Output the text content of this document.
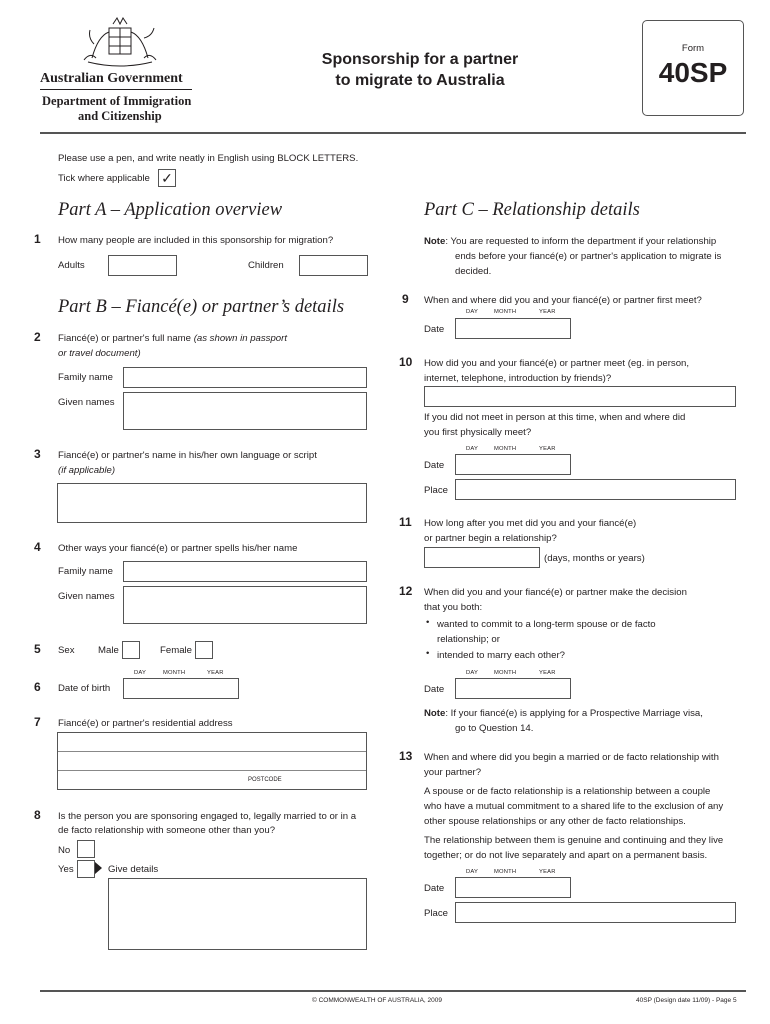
Australian Government
Department of Immigration
and Citizenship
Sponsorship for a partner
to migrate to Australia
Form
40SP
Please use a pen, and write neatly in English using BLOCK LETTERS.
Tick where applicable ✓
Part A – Application overview
1 How many people are included in this sponsorship for migration?
Adults	Children
Part B – Fiancé(e) or partner’s details
2 Fiancé(e) or partner's full name (as shown in passport
or travel document)
Family name
Given names
3 Fiancé(e) or partner's name in his/her own language or script
(if applicable)
4 Other ways your fiancé(e) or partner spells his/her name
Family name
Given names
5 Sex Male	Female
DAY	MONTH	YEAR
6 Date of birth
7 Fiancé(e) or partner's residential address
POSTCODE
8 Is the person you are sponsoring engaged to, legally married to or in a
de facto relationship with someone other than you?
No
Yes	Give details
Part C – Relationship details
Note: You are requested to inform the department if your relationship
ends before your fiancé(e) or partner's application to migrate is
decided.
9 When and where did you and your fiancé(e) or partner first meet?
DAY	MONTH	YEAR
Date
10 How did you and your fiancé(e) or partner meet (eg. in person,
internet, telephone, introduction by friends)?
If you did not meet in person at this time, when and where did
you first physically meet?
DAY	MONTH	YEAR
Date
Place
11 How long after you met did you and your fiancé(e)
or partner begin a relationship?
(days, months or years)
12 When did you and your fiancé(e) or partner make the decision
that you both:
• wanted to commit to a long-term spouse or de facto
relationship; or
• intended to marry each other?
DAY	MONTH	YEAR
Date
Note: If your fiancé(e) is applying for a Prospective Marriage visa,
go to Question 14.
13 When and where did you begin a married or de facto relationship with
your partner?
A spouse or de facto relationship is a relationship between a couple
who have a mutual commitment to a shared life to the exclusion of any
other spouse relationships or any other de facto relationships.
The relationship between them is genuine and continuing and they live
together; or do not live separately and apart on a permanent basis.
DAY	MONTH	YEAR
Date
Place
© COMMONWEALTH OF AUSTRALIA, 2009	40SP (Design date 11/09) - Page 5
